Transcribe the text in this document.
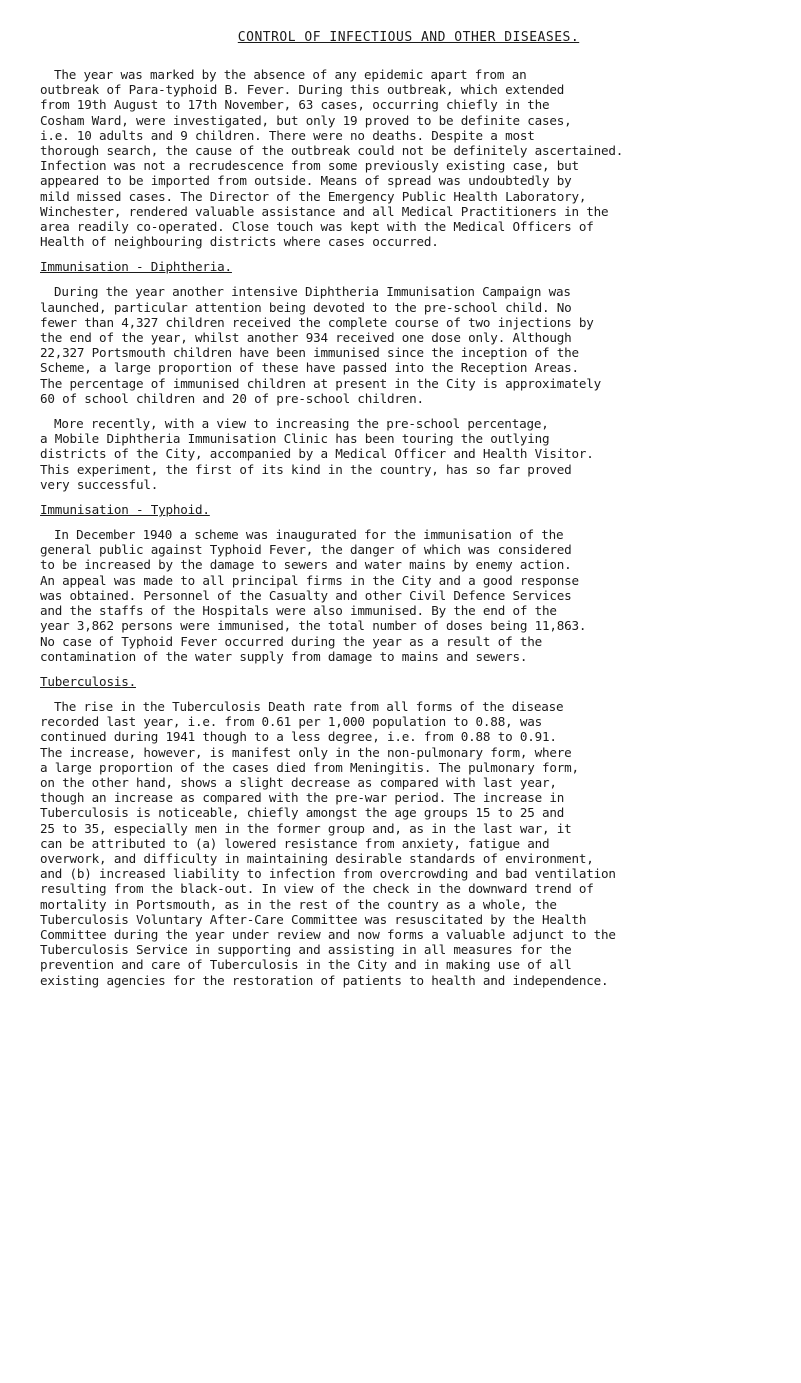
CONTROL OF INFECTIOUS AND OTHER DISEASES.

The year was marked by the absence of any epidemic apart from an

outbreak of Para-typhoid B. Fever. During this outbreak, which extended

from 19th August to 17th November, 63 cases, occurring chiefly in the

Cosham Ward, were investigated, but only 19 proved to be definite cases,

i.e. 10 adults and 9 children. There were no deaths. Despite a most

thorough search, the cause of the outbreak could not be definitely ascertained.

Infection was not a recrudescence from some previously existing case, but

appeared to be imported from outside. Means of spread was undoubtedly by

mild missed cases. The Director of the Emergency Public Health Laboratory,

Winchester, rendered valuable assistance and all Medical Practitioners in the

area readily co-operated. Close touch was kept with the Medical Officers of

Health of neighbouring districts where cases occurred.

Immunisation - Diphtheria.

During the year another intensive Diphtheria Immunisation Campaign was

launched, particular attention being devoted to the pre-school child. No

fewer than 4,327 children received the complete course of two injections by

the end of the year, whilst another 934 received one dose only. Although

22,327 Portsmouth children have been immunised since the inception of the

Scheme, a large proportion of these have passed into the Reception Areas.

The percentage of immunised children at present in the City is approximately

60 of school children and 20 of pre-school children.

More recently, with a view to increasing the pre-school percentage,

a Mobile Diphtheria Immunisation Clinic has been touring the outlying

districts of the City, accompanied by a Medical Officer and Health Visitor.

This experiment, the first of its kind in the country, has so far proved

very successful.

Immunisation - Typhoid.

In December 1940 a scheme was inaugurated for the immunisation of the

general public against Typhoid Fever, the danger of which was considered

to be increased by the damage to sewers and water mains by enemy action.

An appeal was made to all principal firms in the City and a good response

was obtained. Personnel of the Casualty and other Civil Defence Services

and the staffs of the Hospitals were also immunised. By the end of the

year 3,862 persons were immunised, the total number of doses being 11,863.

No case of Typhoid Fever occurred during the year as a result of the

contamination of the water supply from damage to mains and sewers.

Tuberculosis.

The rise in the Tuberculosis Death rate from all forms of the disease

recorded last year, i.e. from 0.61 per 1,000 population to 0.88, was

continued during 1941 though to a less degree, i.e. from 0.88 to 0.91.

The increase, however, is manifest only in the non-pulmonary form, where

a large proportion of the cases died from Meningitis. The pulmonary form,

on the other hand, shows a slight decrease as compared with last year,

though an increase as compared with the pre-war period. The increase in

Tuberculosis is noticeable, chiefly amongst the age groups 15 to 25 and

25 to 35, especially men in the former group and, as in the last war, it

can be attributed to (a) lowered resistance from anxiety, fatigue and

overwork, and difficulty in maintaining desirable standards of environment,

and (b) increased liability to infection from overcrowding and bad ventilation

resulting from the black-out. In view of the check in the downward trend of

mortality in Portsmouth, as in the rest of the country as a whole, the

Tuberculosis Voluntary After-Care Committee was resuscitated by the Health

Committee during the year under review and now forms a valuable adjunct to the

Tuberculosis Service in supporting and assisting in all measures for the

prevention and care of Tuberculosis in the City and in making use of all

existing agencies for the restoration of patients to health and independence.
